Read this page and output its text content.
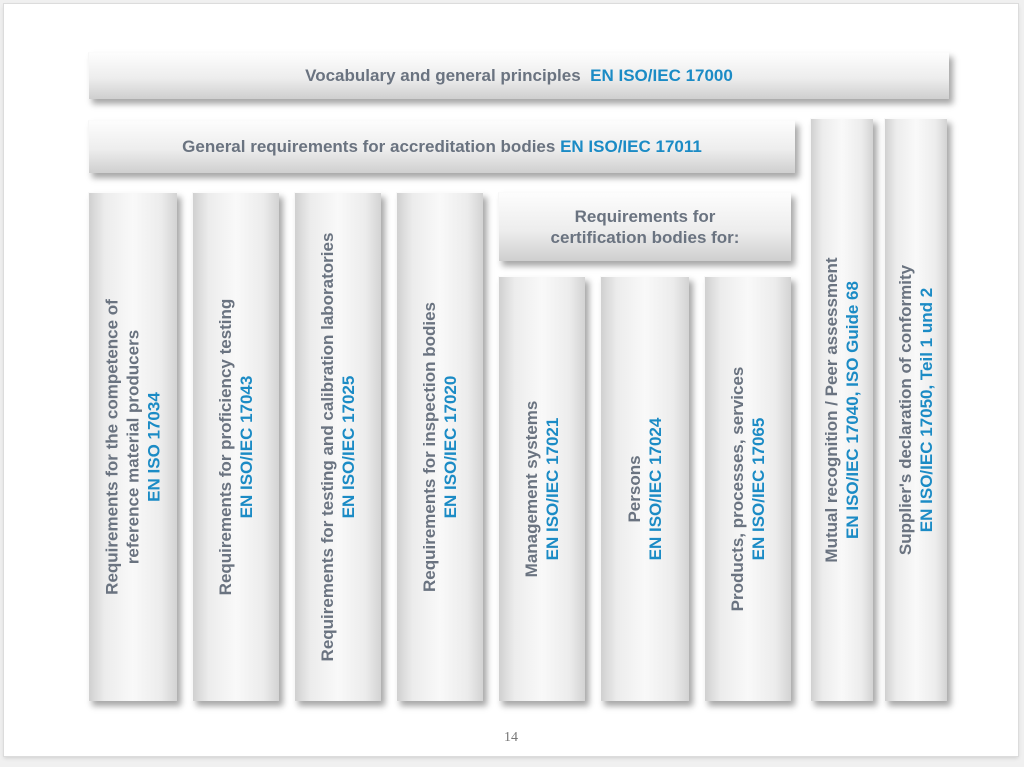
Vocabulary and general principles
EN ISO/IEC 17000
General requirements for accreditation bodies
EN ISO/IEC 17011
Requirements for
certification bodies for:
Requirements for the competence of reference material producers EN ISO 17034	Requirements for proficiency testing EN ISO/IEC 17043	Requirements for testing and calibration laboratories EN ISO/IEC 17025	Requirements for inspection bodies EN ISO/IEC 17020	Management systems EN ISO/IEC 17021	Persons EN ISO/IEC 17024	Products, processes, services EN ISO/IEC 17065	Mutual recognition / Peer assessment EN ISO/IEC 17040, ISO Guide 68 Supplier's declaration of conformity EN ISO/IEC 17050, Teil 1 und 2
14
